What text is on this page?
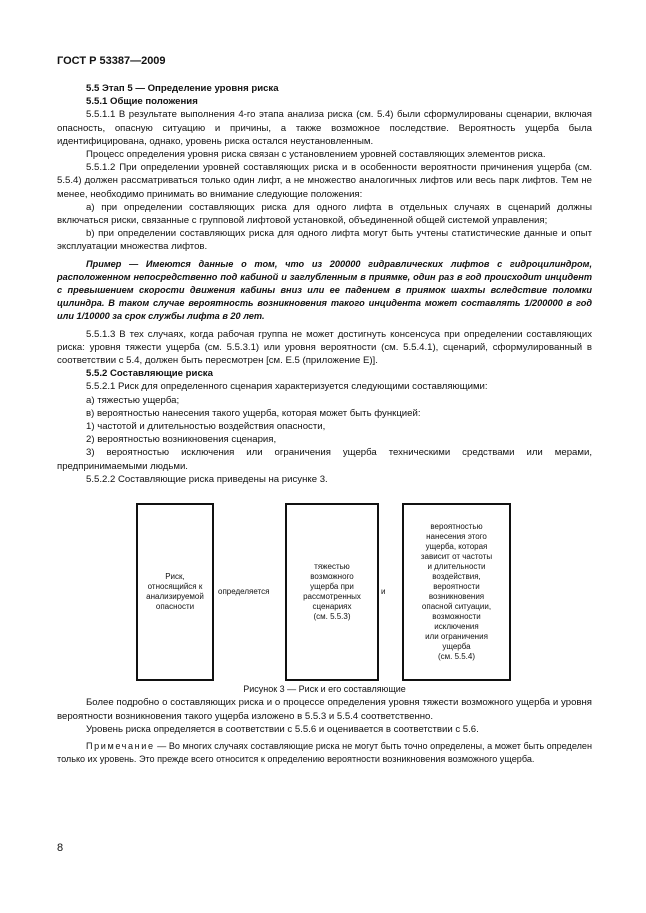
ГОСТ Р 53387—2009

5.5 Этап 5 — Определение уровня риска

5.5.1 Общие положения

5.5.1.1 В результате выполнения 4-го этапа анализа риска (см. 5.4) были сформулированы сценарии, включая опасность, опасную ситуацию и причины, а также возможное последствие. Вероятность ущерба была идентифицирована, однако, уровень риска остался неустановленным.

Процесс определения уровня риска связан с установлением уровней составляющих элементов риска.

5.5.1.2 При определении уровней составляющих риска и в особенности вероятности причинения ущерба (см. 5.5.4) должен рассматриваться только один лифт, а не множество аналогичных лифтов или весь парк лифтов. Тем не менее, необходимо принимать во внимание следующие положения:

a) при определении составляющих риска для одного лифта в отдельных случаях в сценарий должны включаться риски, связанные с групповой лифтовой установкой, объединенной общей системой управления;

b) при определении составляющих риска для одного лифта могут быть учтены статистические данные и опыт эксплуатации множества лифтов.

Пример — Имеются данные о том, что из 200000 гидравлических лифтов с гидроцилиндром, расположенном непосредственно под кабиной и заглубленным в приямке, один раз в год происходит инцидент с превышением скорости движения кабины вниз или ее падением в приямок шахты вследствие поломки цилиндра. В таком случае вероятность возникновения такого инцидента может составлять 1/200000 в год или 1/10000 за срок службы лифта в 20 лет.

5.5.1.3 В тех случаях, когда рабочая группа не может достигнуть консенсуса при определении составляющих риска: уровня тяжести ущерба (см. 5.5.3.1) или уровня вероятности (см. 5.5.4.1), сценарий, сформулированный в соответствии с 5.4, должен быть пересмотрен [см. Е.5 (приложение Е)].

5.5.2 Составляющие риска

5.5.2.1 Риск для определенного сценария характеризуется следующими составляющими:

a) тяжестью ущерба;

в) вероятностью нанесения такого ущерба, которая может быть функцией:

1) частотой и длительностью воздействия опасности,

2) вероятностью возникновения сценария,

3) вероятностью исключения или ограничения ущерба техническими средствами или мерами, предпринимаемыми людьми.

5.5.2.2 Составляющие риска приведены на рисунке 3.

Риск,
относящийся к
анализируемой
опасности
определяется
тяжестью
возможного
ущерба при
рассмотренных
сценариях
(см. 5.5.3)
и
вероятностью
нанесения этого
ущерба, которая
зависит от частоты
и длительности
воздействия,
вероятности
возникновения
опасной ситуации,
возможности
исключения
или ограничения
ущерба
(см. 5.5.4)

Рисунок 3 — Риск и его составляющие

Более подробно о составляющих риска и о процессе определения уровня тяжести возможного ущерба и уровня вероятности возникновения такого ущерба изложено в 5.5.3 и 5.5.4 соответственно.

Уровень риска определяется в соответствии с 5.5.6 и оценивается в соответствии с 5.6.

Примечание — Во многих случаях составляющие риска не могут быть точно определены, а может быть определен только их уровень. Это прежде всего относится к определению вероятности возникновения возможного ущерба.

8
